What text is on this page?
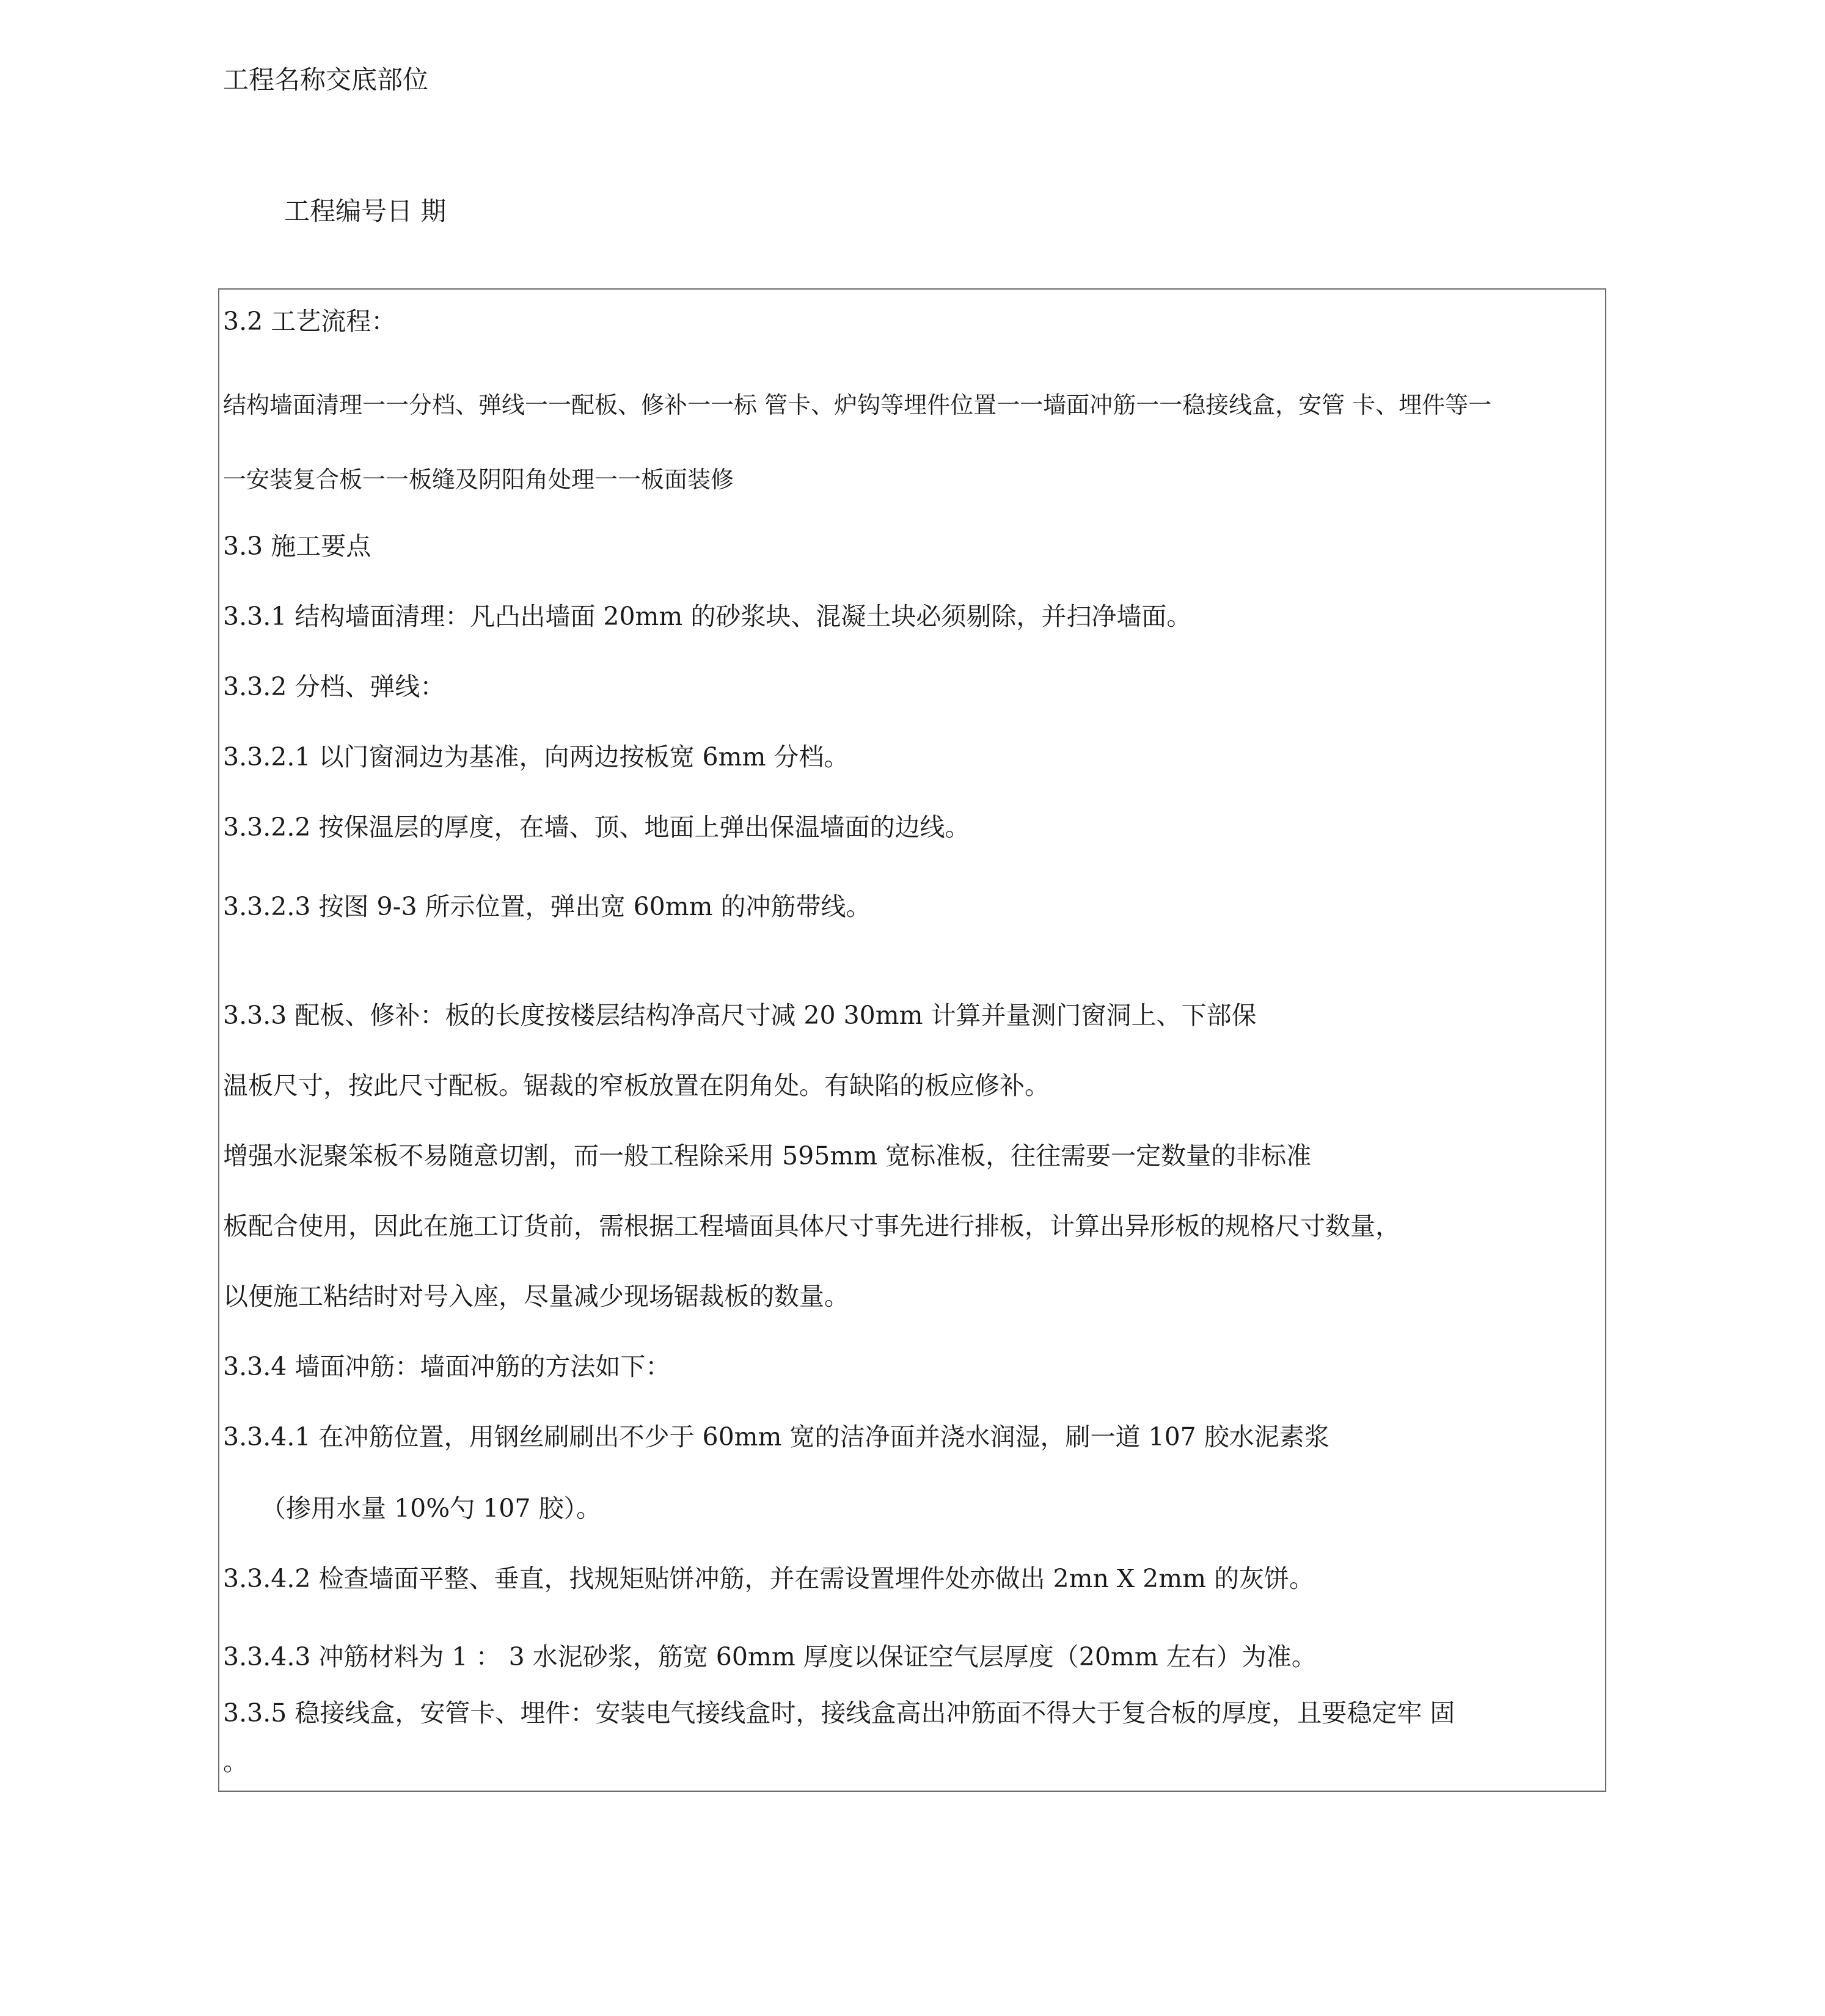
工程名称交底部位
工程编号日 期
3.2 工艺流程：
结构墙面清理一一分档、弹线一一配板、修补一一标 管卡、炉钩等埋件位置一一墙面冲筋一一稳接线盒，安管 卡、埋件等一
一安装复合板一一板缝及阴阳角处理一一板面装修
3.3 施工要点
3.3.1 结构墙面清理：凡凸出墙面 20mm 的砂浆块、混凝土块必须剔除，并扫净墙面。
3.3.2 分档、弹线：
3.3.2.1 以门窗洞边为基准，向两边按板宽 6mm 分档。
3.3.2.2 按保温层的厚度，在墙、顶、地面上弹出保温墙面的边线。
3.3.2.3 按图 9-3 所示位置，弹出宽 60mm 的冲筋带线。
3.3.3 配板、修补：板的长度按楼层结构净高尺寸减 20 30mm 计算并量测门窗洞上、下部保
温板尺寸，按此尺寸配板。锯裁的窄板放置在阴角处。有缺陷的板应修补。
增强水泥聚笨板不易随意切割，而一般工程除采用 595mm 宽标准板，往往需要一定数量的非标准
板配合使用，因此在施工订货前，需根据工程墙面具体尺寸事先进行排板，计算出异形板的规格尺寸数量，
以便施工粘结时对号入座，尽量减少现场锯裁板的数量。
3.3.4 墙面冲筋：墙面冲筋的方法如下：
3.3.4.1 在冲筋位置，用钢丝刷刷出不少于 60mm 宽的洁净面并浇水润湿，刷一道 107 胶水泥素浆
（掺用水量 10%勺 107 胶）。
3.3.4.2 检查墙面平整、垂直，找规矩贴饼冲筋，并在需设置埋件处亦做出 2mn X 2mm 的灰饼。
3.3.4.3 冲筋材料为 1 ： 3 水泥砂浆，筋宽 60mm 厚度以保证空气层厚度（20mm 左右）为准。
3.3.5 稳接线盒，安管卡、埋件：安装电气接线盒时，接线盒高出冲筋面不得大于复合板的厚度，且要稳定牢 固
。
